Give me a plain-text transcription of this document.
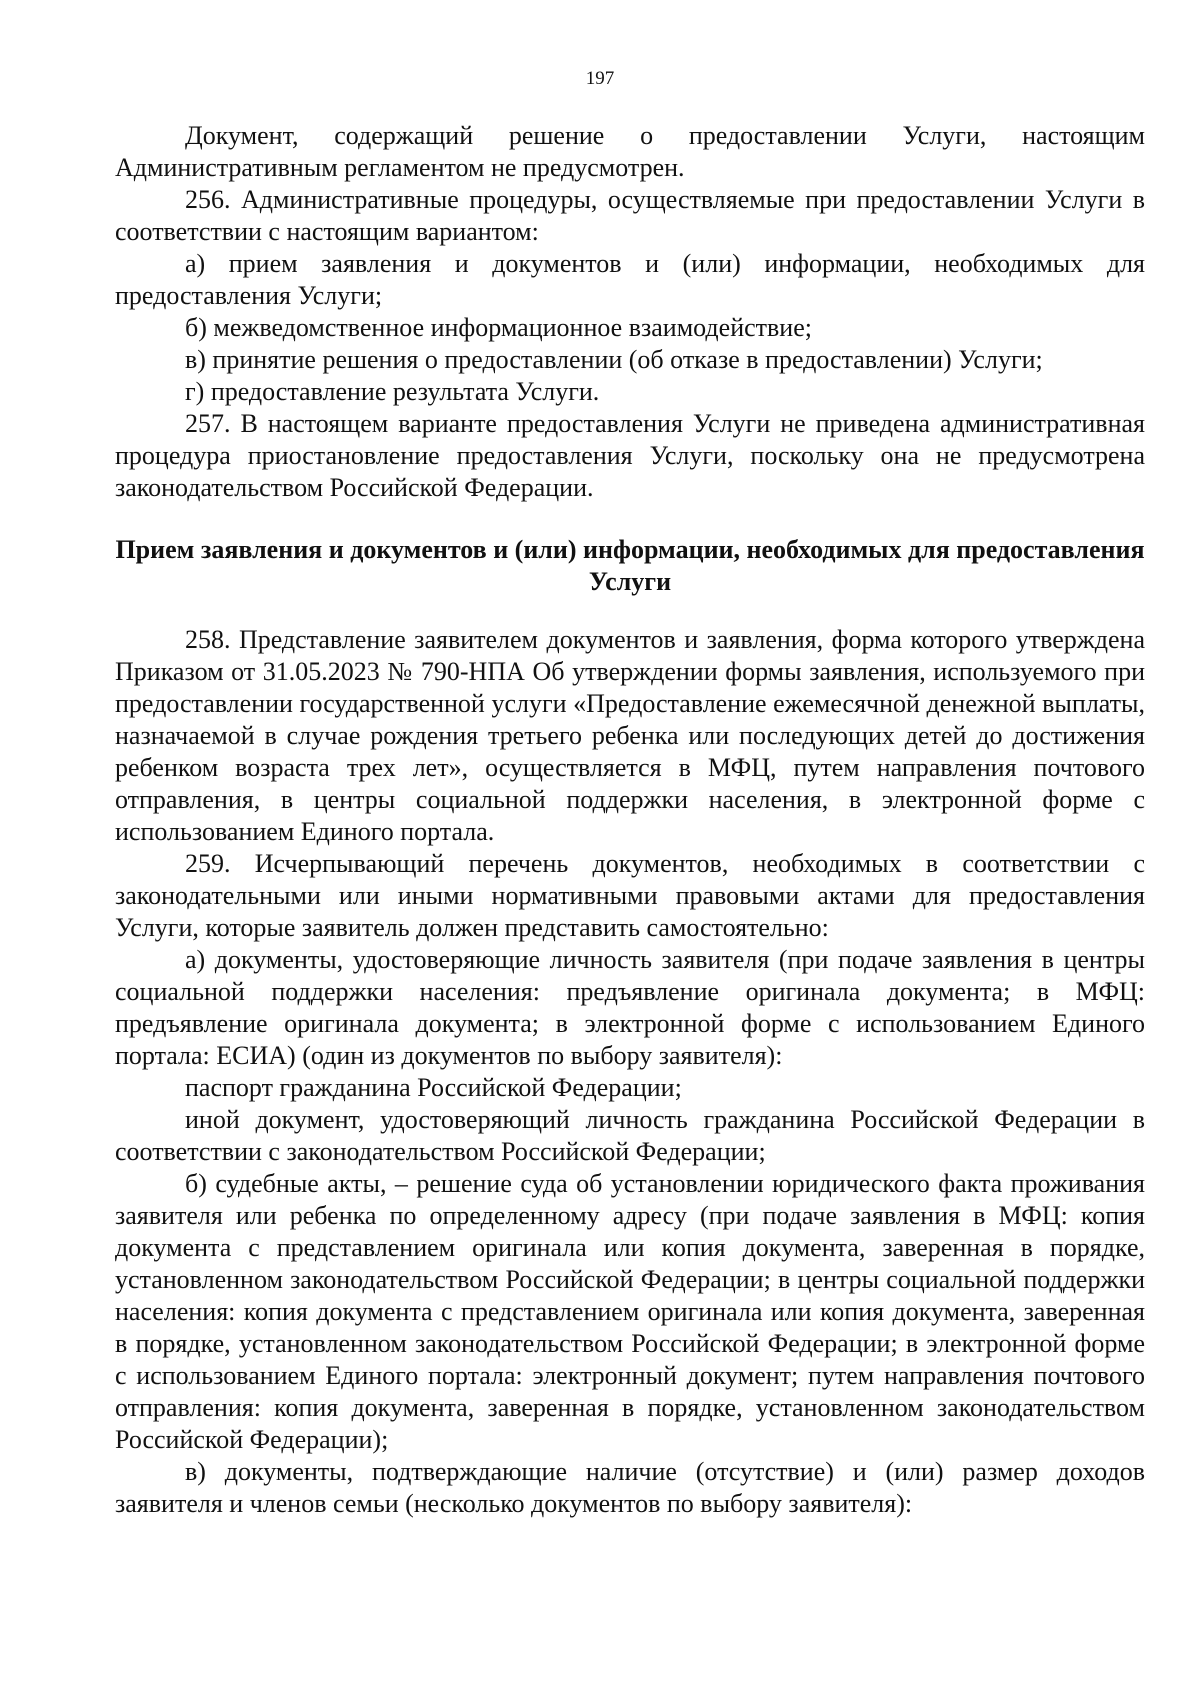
197

Документ, содержащий решение о предоставлении Услуги, настоящим Административным регламентом не предусмотрен.

256. Административные процедуры, осуществляемые при предоставлении Услуги в соответствии с настоящим вариантом:

а) прием заявления и документов и (или) информации, необходимых для предоставления Услуги;

б) межведомственное информационное взаимодействие;

в) принятие решения о предоставлении (об отказе в предоставлении) Услуги;

г) предоставление результата Услуги.

257. В настоящем варианте предоставления Услуги не приведена административная процедура приостановление предоставления Услуги, поскольку она не предусмотрена законодательством Российской Федерации.

Прием заявления и документов и (или) информации, необходимых для предоставления Услуги

258. Представление заявителем документов и заявления, форма которого утверждена Приказом от 31.05.2023 № 790-НПА Об утверждении формы заявления, используемого при предоставлении государственной услуги «Предоставление ежемесячной денежной выплаты, назначаемой в случае рождения третьего ребенка или последующих детей до достижения ребенком возраста трех лет», осуществляется в МФЦ, путем направления почтового отправления, в центры социальной поддержки населения, в электронной форме с использованием Единого портала.

259. Исчерпывающий перечень документов, необходимых в соответствии с законодательными или иными нормативными правовыми актами для предоставления Услуги, которые заявитель должен представить самостоятельно:

а) документы, удостоверяющие личность заявителя (при подаче заявления в центры социальной поддержки населения: предъявление оригинала документа; в МФЦ: предъявление оригинала документа; в электронной форме с использованием Единого портала: ЕСИА) (один из документов по выбору заявителя):

паспорт гражданина Российской Федерации;

иной документ, удостоверяющий личность гражданина Российской Федерации в соответствии с законодательством Российской Федерации;

б) судебные акты, – решение суда об установлении юридического факта проживания заявителя или ребенка по определенному адресу (при подаче заявления в МФЦ: копия документа с представлением оригинала или копия документа, заверенная в порядке, установленном законодательством Российской Федерации; в центры социальной поддержки населения: копия документа с представлением оригинала или копия документа, заверенная в порядке, установленном законодательством Российской Федерации; в электронной форме с использованием Единого портала: электронный документ; путем направления почтового отправления: копия документа, заверенная в порядке, установленном законодательством Российской Федерации);

в) документы, подтверждающие наличие (отсутствие) и (или) размер доходов заявителя и членов семьи (несколько документов по выбору заявителя):
